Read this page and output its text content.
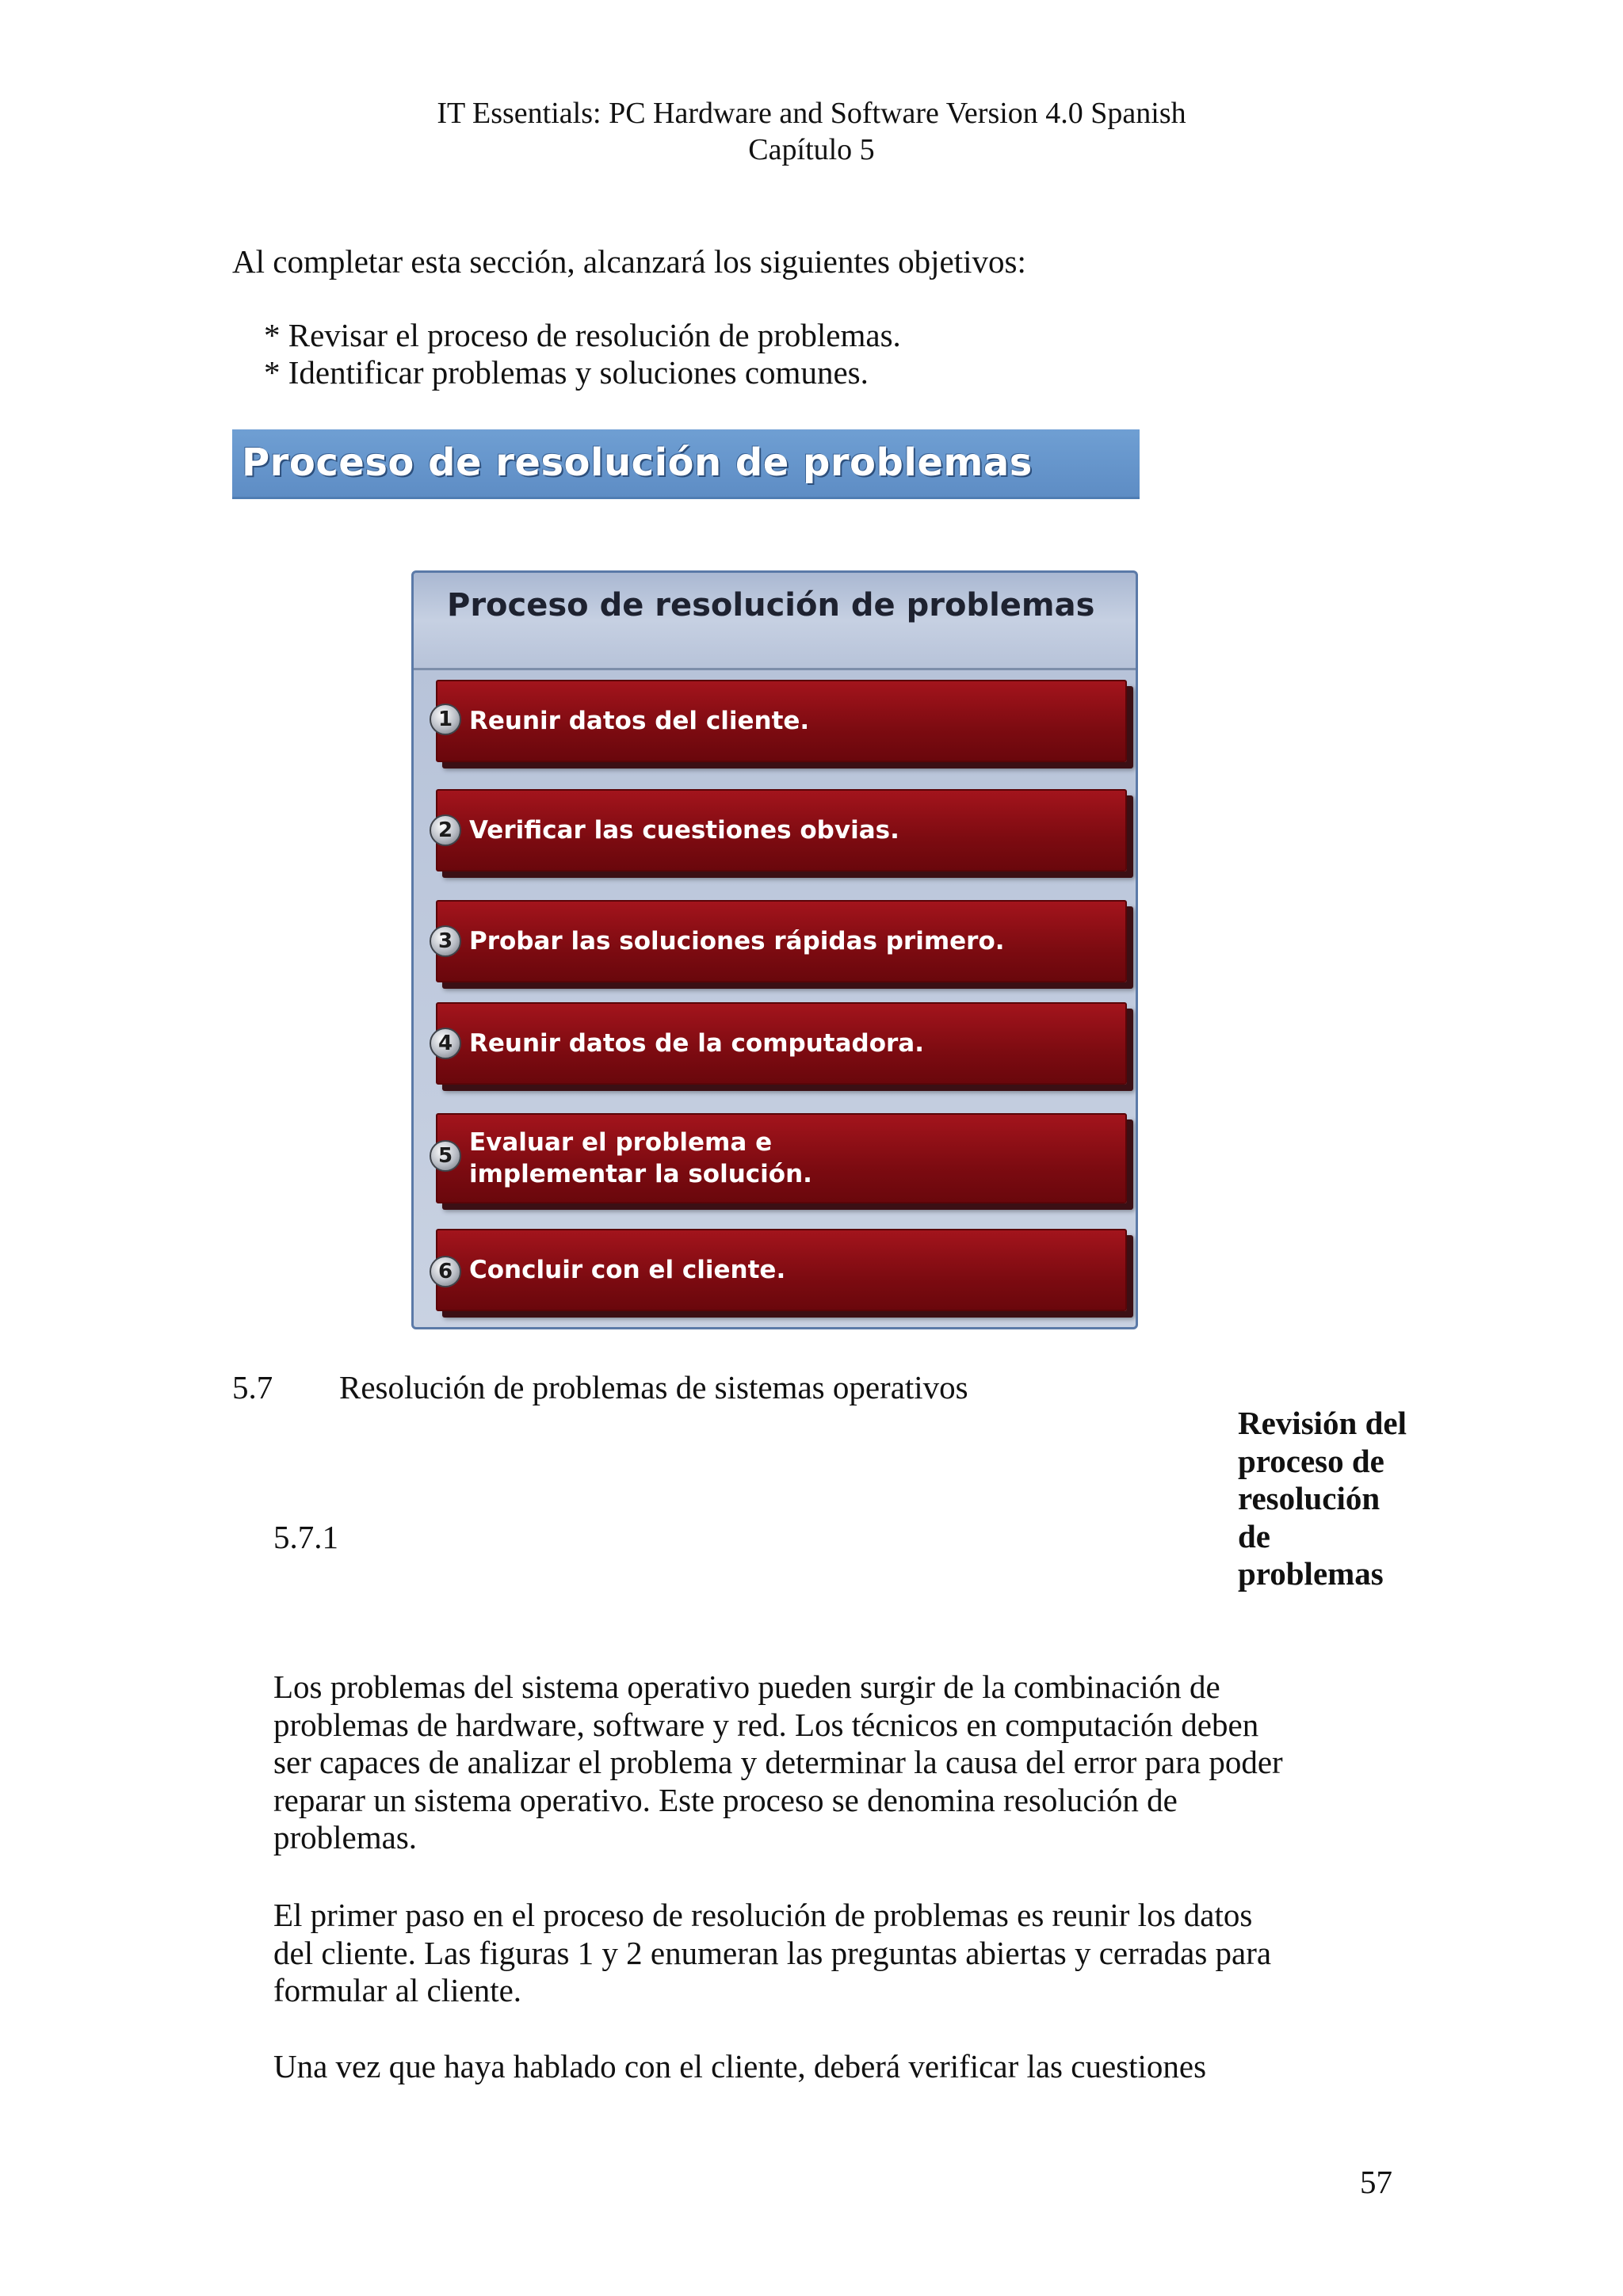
IT Essentials: PC Hardware and Software Version 4.0 Spanish
Capítulo 5
Al completar esta sección, alcanzará los siguientes objetivos:
* Revisar el proceso de resolución de problemas.
* Identificar problemas y soluciones comunes.
Proceso de resolución de problemas
Proceso de resolución de problemas
1 Reunir datos del cliente.
2 Verificar las cuestiones obvias.
3 Probar las soluciones rápidas primero.
4 Reunir datos de la computadora.
5 Evaluar el problema e
implementar la solución.
6 Concluir con el cliente.
5.7 Resolución de problemas de sistemas operativos
Revisión del proceso de resolución de problemas
5.7.1
Los problemas del sistema operativo pueden surgir de la combinación de problemas de hardware, software y red. Los técnicos en computación deben ser capaces de analizar el problema y determinar la causa del error para poder reparar un sistema operativo. Este proceso se denomina resolución de problemas.
El primer paso en el proceso de resolución de problemas es reunir los datos del cliente. Las figuras 1 y 2 enumeran las preguntas abiertas y cerradas para formular al cliente.
Una vez que haya hablado con el cliente, deberá verificar las cuestiones
57
